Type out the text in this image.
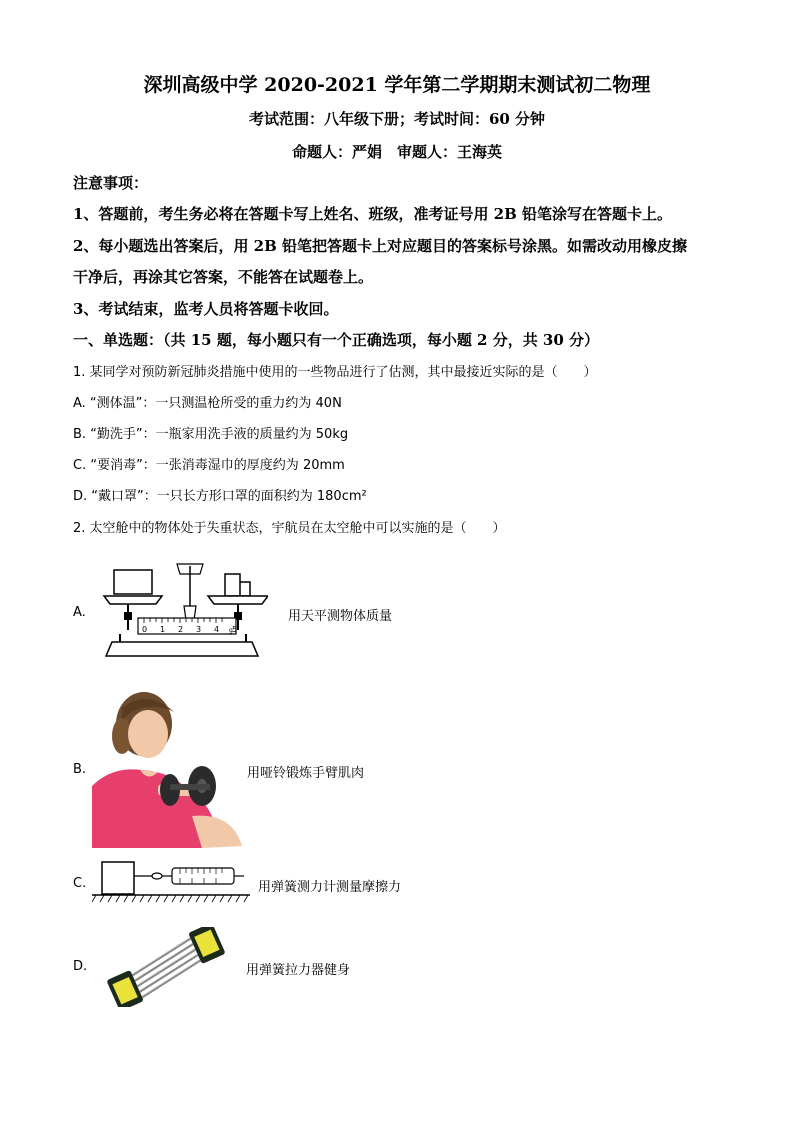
深圳高级中学 2020-2021 学年第二学期期末测试初二物理
考试范围：八年级下册；考试时间：60 分钟
命题人：严娟　审题人：王海英
注意事项：
1、答题前，考生务必将在答题卡写上姓名、班级，准考证号用 2B 铅笔涂写在答题卡上。
2、每小题选出答案后，用 2B 铅笔把答题卡上对应题目的答案标号涂黑。如需改动用橡皮擦
干净后，再涂其它答案，不能答在试题卷上。
3、考试结束，监考人员将答题卡收回。
一、单选题：（共 15 题，每小题只有一个正确选项，每小题 2 分，共 30 分）
1. 某同学对预防新冠肺炎措施中使用的一些物品进行了估测，其中最接近实际的是（　　）
A. “测体温”：一只测温枪所受的重力约为 40N
B. “勤洗手”：一瓶家用洗手液的质量约为 50kg
C. “要消毒”：一张消毒湿巾的厚度约为 20mm
D. “戴口罩”：一只长方形口罩的面积约为 180cm²
2. 太空舱中的物体处于失重状态，宇航员在太空舱中可以实施的是（　　）
A.
0 1 2 3 4 5
g
用天平测物体质量
B.	用哑铃锻炼手臂肌肉
C.	用弹簧测力计测量摩擦力
D.	用弹簧拉力器健身
